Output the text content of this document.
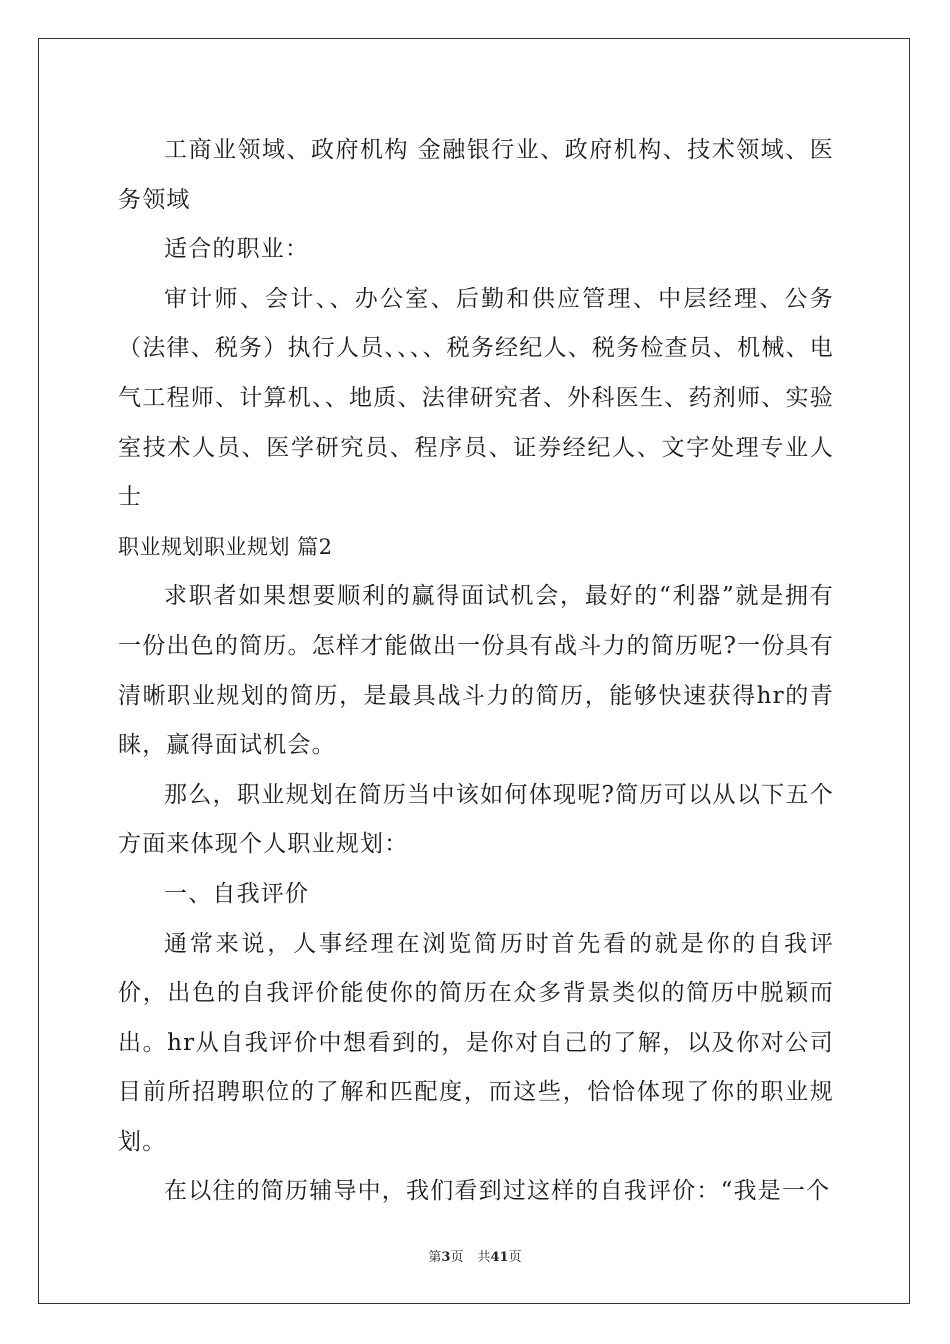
工商业领域、政府机构 金融银行业、政府机构、技术领域、医务领域

适合的职业：

审计师、会计、、办公室、后勤和供应管理、中层经理、公务（法律、税务）执行人员、、、、税务经纪人、税务检查员、机械、电气工程师、计算机、、地质、法律研究者、外科医生、药剂师、实验室技术人员、医学研究员、程序员、证券经纪人、文字处理专业人士

职业规划职业规划 篇2

求职者如果想要顺利的赢得面试机会，最好的“利器”就是拥有一份出色的简历。怎样才能做出一份具有战斗力的简历呢?一份具有清晰职业规划的简历，是最具战斗力的简历，能够快速获得hr的青睐，赢得面试机会。

那么，职业规划在简历当中该如何体现呢?简历可以从以下五个方面来体现个人职业规划：

一、自我评价

通常来说，人事经理在浏览简历时首先看的就是你的自我评价，出色的自我评价能使你的简历在众多背景类似的简历中脱颖而出。hr从自我评价中想看到的，是你对自己的了解，以及你对公司目前所招聘职位的了解和匹配度，而这些，恰恰体现了你的职业规划。

在以往的简历辅导中，我们看到过这样的自我评价：“我是一个

第3页 共41页
